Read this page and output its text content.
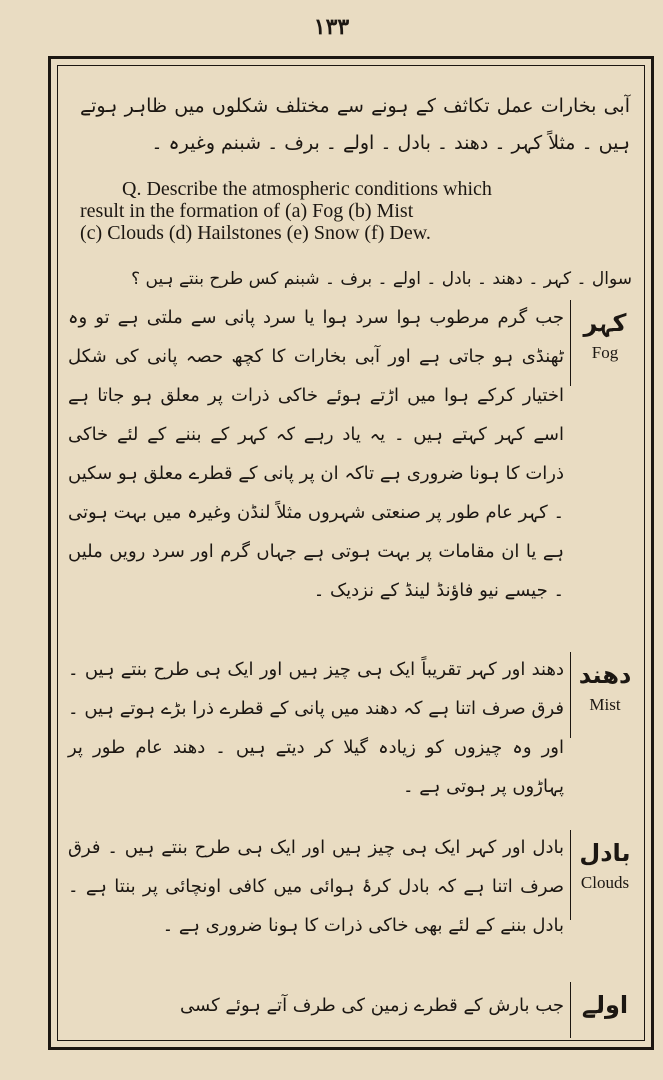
١٣٣
آبی بخارات عمل تکاثف کے ہونے سے مختلف شکلوں میں ظاہر ہوتے ہیں ۔ مثلاً کہر ۔ دھند ۔ بادل ۔ اولے ۔ برف ۔ شبنم وغیرہ ۔
Q. Describe the atmospheric conditions which
result in the formation of (a) Fog (b) Mist
(c) Clouds (d) Hailstones (e) Snow (f) Dew.
سوال ۔ کہر ۔ دھند ۔ بادل ۔ اولے ۔ برف ۔ شبنم کس طرح بنتے ہیں ؟
کہر
Fog
جب گرم مرطوب ہوا سرد ہوا یا سرد پانی سے ملتی ہے تو وہ ٹھنڈی ہو جاتی ہے اور آبی بخارات کا کچھ حصہ پانی کی شکل اختیار کرکے ہوا میں اڑتے ہوئے خاکی ذرات پر معلق ہو جاتا ہے اسے کہر کہتے ہیں ۔ یہ یاد رہے کہ کہر کے بننے کے لئے خاکی ذرات کا ہونا ضروری ہے تاکہ ان پر پانی کے قطرے معلق ہو سکیں ۔ کہر عام طور پر صنعتی شہروں مثلاً لنڈن وغیرہ میں بہت ہوتی ہے یا ان مقامات پر بہت ہوتی ہے جہاں گرم اور سرد رویں ملیں ۔ جیسے نیو فاؤنڈ لینڈ کے نزدیک ۔
دھند
Mist
دھند اور کہر تقریباً ایک ہی چیز ہیں اور ایک ہی طرح بنتے ہیں ۔ فرق صرف اتنا ہے کہ دھند میں پانی کے قطرے ذرا بڑے ہوتے ہیں ۔ اور وہ چیزوں کو زیادہ گیلا کر دیتے ہیں ۔ دھند عام طور پر پہاڑوں پر ہوتی ہے ۔
بادل
Clouds
بادل اور کہر ایک ہی چیز ہیں اور ایک ہی طرح بنتے ہیں ۔ فرق صرف اتنا ہے کہ بادل کرۂ ہوائی میں کافی اونچائی پر بنتا ہے ۔ بادل بننے کے لئے بھی خاکی ذرات کا ہونا ضروری ہے ۔
اولے
جب بارش کے قطرے زمین کی طرف آتے ہوئے کسی
